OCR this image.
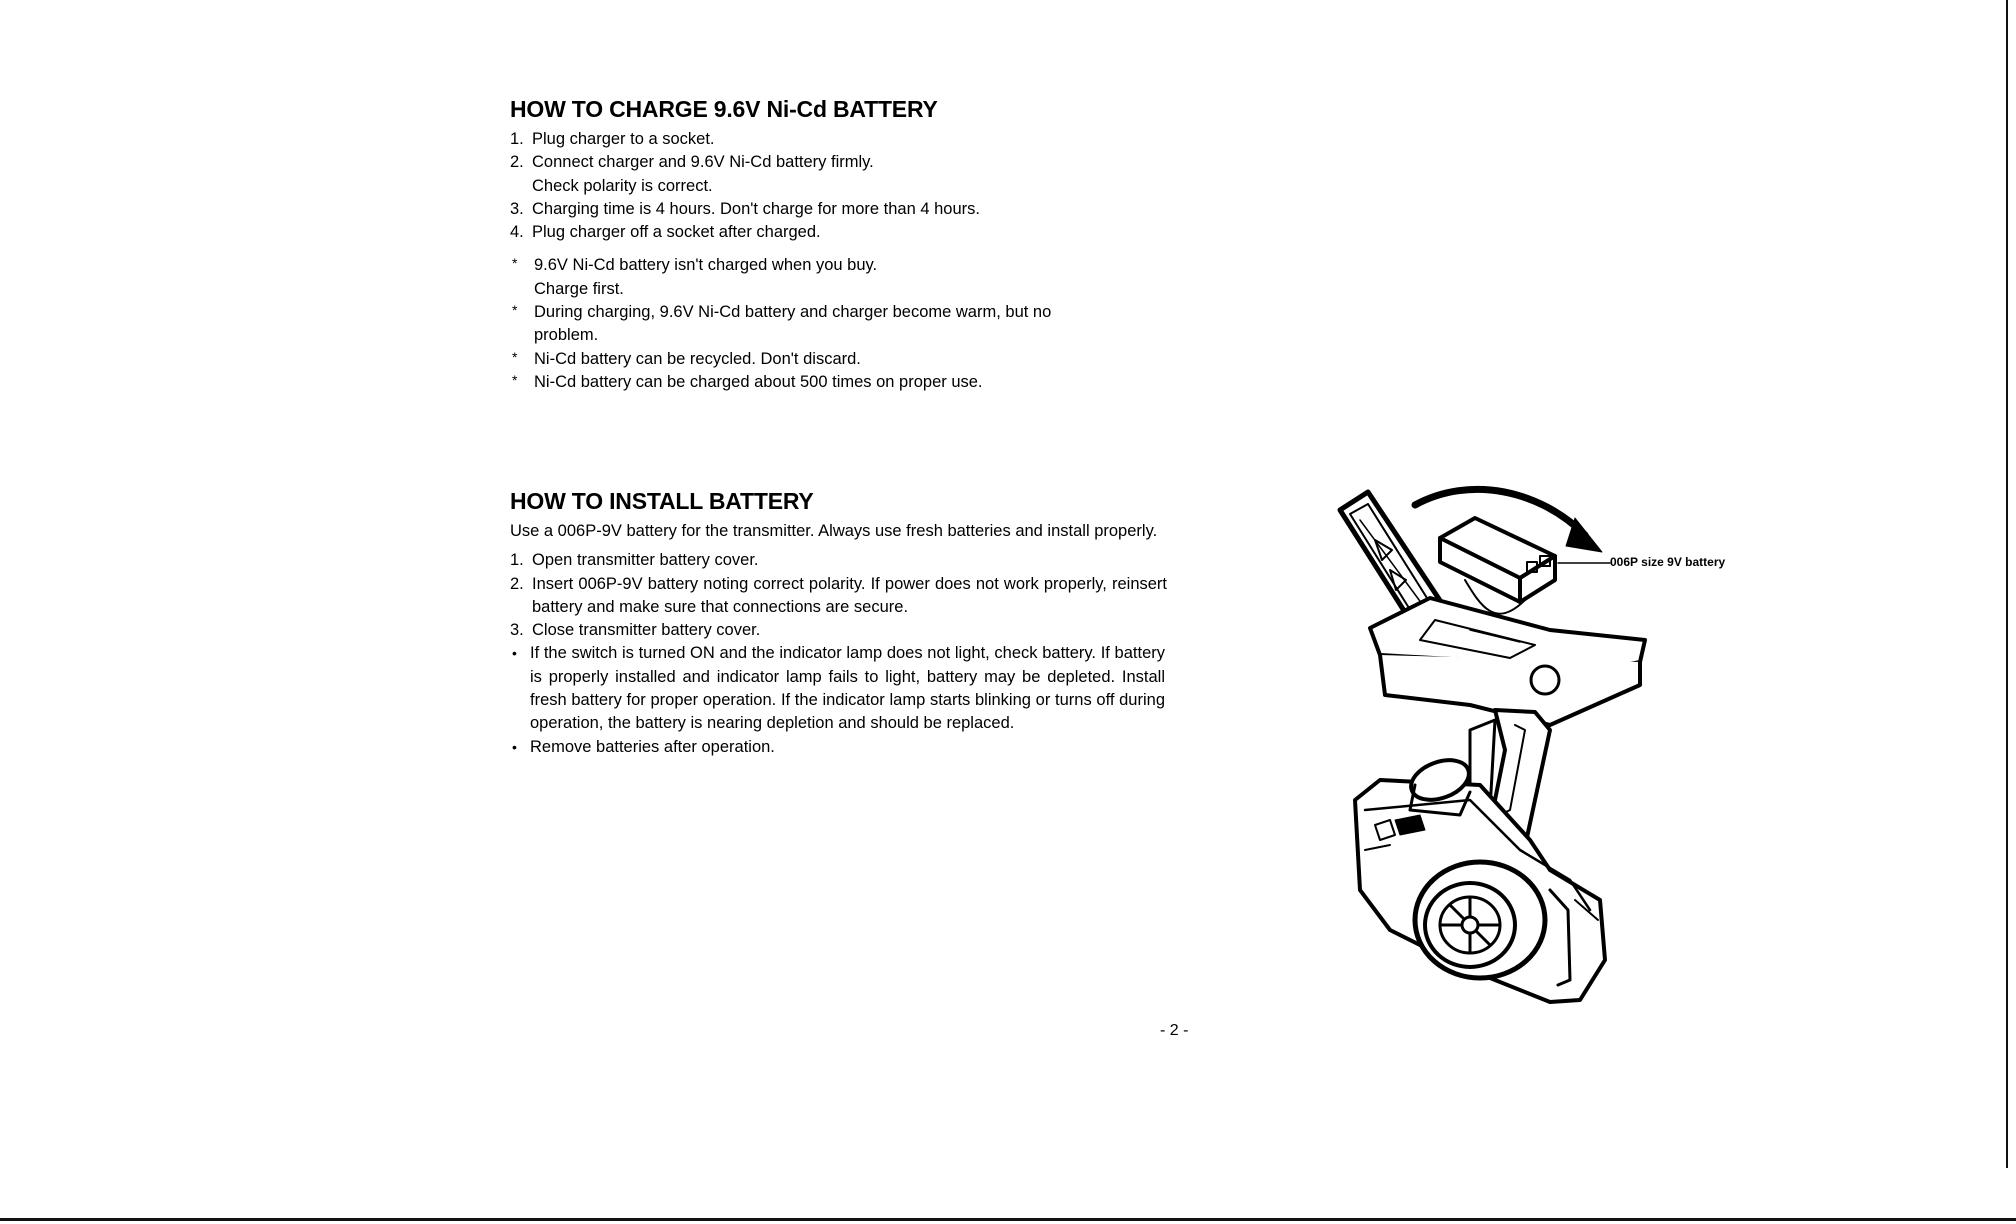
HOW TO CHARGE 9.6V Ni-Cd BATTERY
1. Plug charger to a socket.
2. Connect charger and 9.6V Ni-Cd battery firmly.
Check polarity is correct.
3. Charging time is 4 hours. Don't charge for more than 4 hours.
4. Plug charger off a socket after charged.
* 9.6V Ni-Cd battery isn't charged when you buy.
Charge first.
* During charging, 9.6V Ni-Cd battery and charger become warm, but no
problem.
* Ni-Cd battery can be recycled. Don't discard.
* Ni-Cd battery can be charged about 500 times on proper use.
HOW TO INSTALL BATTERY

Use a 006P-9V battery for the transmitter. Always use fresh batteries and install properly.

1. Open transmitter battery cover.
2. Insert 006P-9V battery noting correct polarity. If power does not work properly, reinsert battery and make sure that connections are secure.
3. Close transmitter battery cover.
• If the switch is turned ON and the indicator lamp does not light, check battery. If battery is properly installed and indicator lamp fails to light, battery may be depleted. Install fresh battery for proper operation. If the indicator lamp starts blinking or turns off during operation, the battery is nearing depletion and should be replaced.
• Remove batteries after operation.
006P size 9V battery
- 2 -
